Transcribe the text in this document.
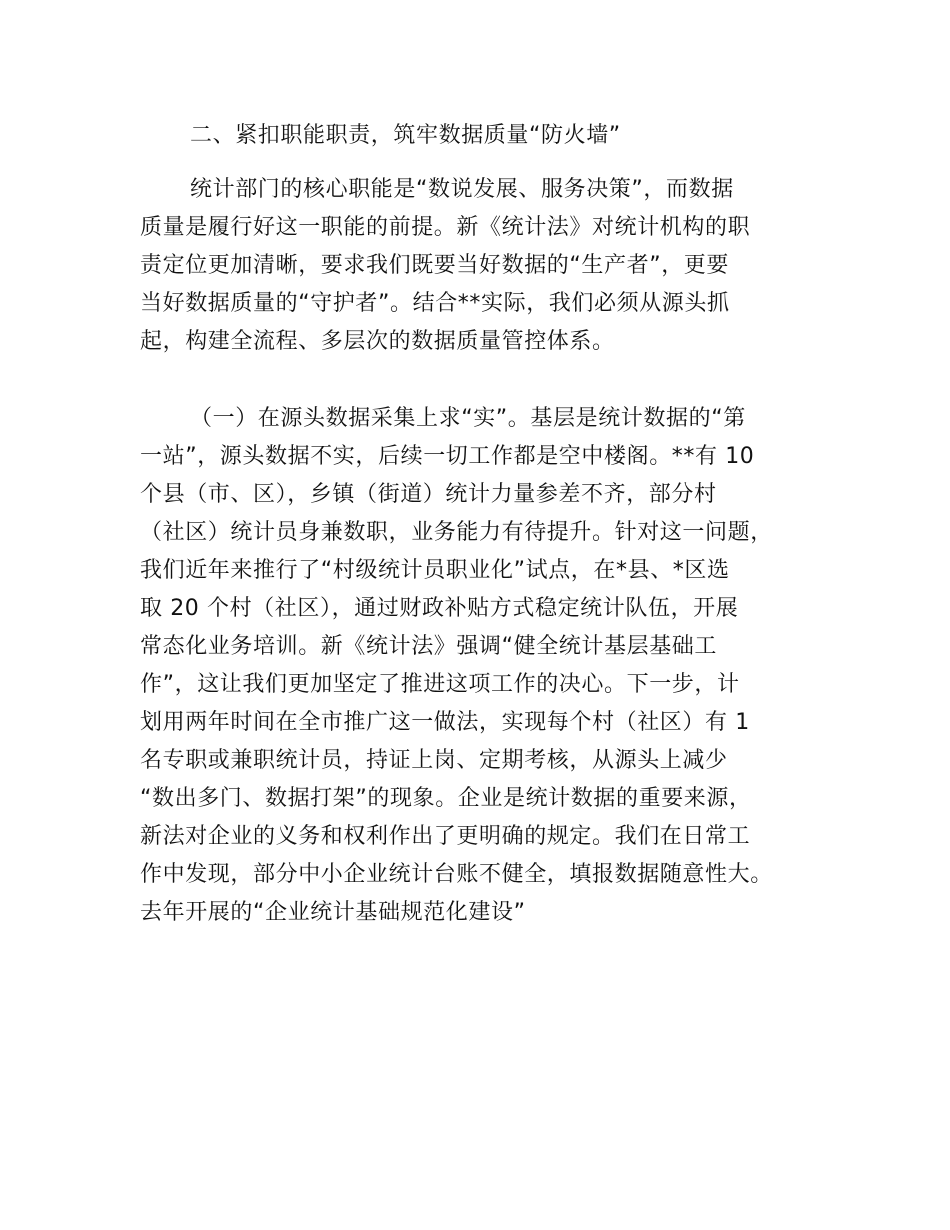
二、紧扣职能职责，筑牢数据质量“防火墙”
统计部门的核心职能是“数说发展、服务决策”，而数据
质量是履行好这一职能的前提。新《统计法》对统计机构的职
责定位更加清晰，要求我们既要当好数据的“生产者”，更要
当好数据质量的“守护者”。结合**实际，我们必须从源头抓
起，构建全流程、多层次的数据质量管控体系。
（一）在源头数据采集上求“实”。基层是统计数据的“第
一站”，源头数据不实，后续一切工作都是空中楼阁。**有 10
个县（市、区），乡镇（街道）统计力量参差不齐，部分村
（社区）统计员身兼数职，业务能力有待提升。针对这一问题，
我们近年来推行了“村级统计员职业化”试点，在*县、*区选
取 20 个村（社区），通过财政补贴方式稳定统计队伍，开展
常态化业务培训。新《统计法》强调“健全统计基层基础工
作”，这让我们更加坚定了推进这项工作的决心。下一步，计
划用两年时间在全市推广这一做法，实现每个村（社区）有 1
名专职或兼职统计员，持证上岗、定期考核，从源头上减少
“数出多门、数据打架”的现象。企业是统计数据的重要来源，
新法对企业的义务和权利作出了更明确的规定。我们在日常工
作中发现，部分中小企业统计台账不健全，填报数据随意性大。
去年开展的“企业统计基础规范化建设”
